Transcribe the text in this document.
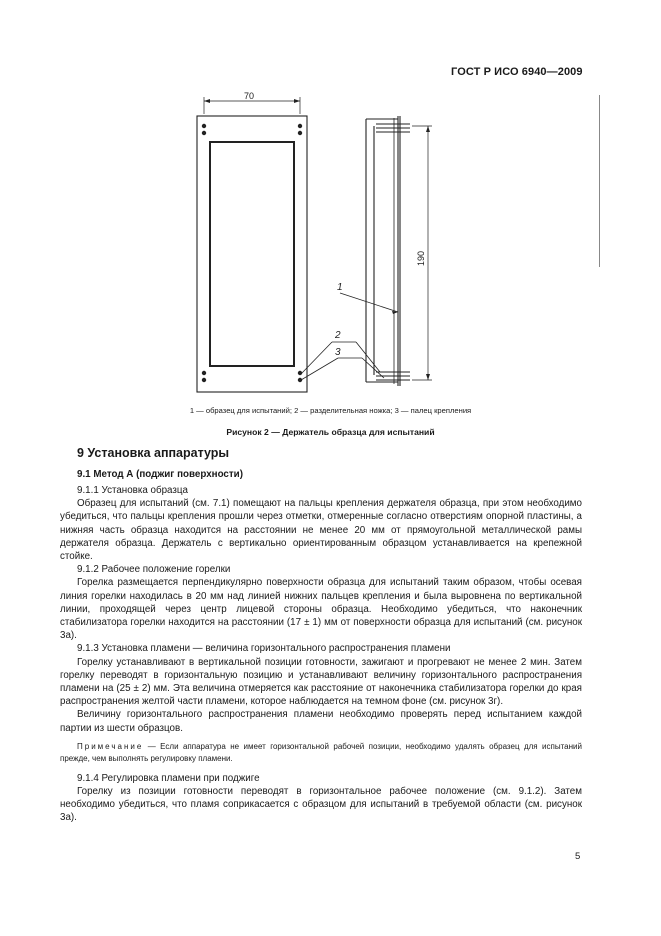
ГОСТ Р ИСО 6940—2009
70
190
1
2
3
1 — образец для испытаний; 2 — разделительная ножка; 3 — палец крепления
Рисунок 2 — Держатель образца для испытаний
9 Установка аппаратуры
9.1 Метод А (поджиг поверхности)

9.1.1 Установка образца

Образец для испытаний (см. 7.1) помещают на пальцы крепления держателя образца, при этом необходимо убедиться, что пальцы крепления прошли через отметки, отмеренные согласно отверстиям опорной пластины, а нижняя часть образца находится на расстоянии не менее 20 мм от прямоугольной металлической рамы держателя образца. Держатель с вертикально ориентированным образцом устанавливается на крепежной стойке.

9.1.2 Рабочее положение горелки

Горелка размещается перпендикулярно поверхности образца для испытаний таким образом, чтобы осевая линия горелки находилась в 20 мм над линией нижних пальцев крепления и была выровнена по вертикальной линии, проходящей через центр лицевой стороны образца. Необходимо убедиться, что наконечник стабилизатора горелки находится на расстоянии (17 ± 1) мм от поверхности образца для испытаний (см. рисунок 3а).

9.1.3 Установка пламени — величина горизонтального распространения пламени

Горелку устанавливают в вертикальной позиции готовности, зажигают и прогревают не менее 2 мин. Затем горелку переводят в горизонтальную позицию и устанавливают величину горизонтального распространения пламени на (25 ± 2) мм. Эта величина отмеряется как расстояние от наконечника стабилизатора горелки до края распространения желтой части пламени, которое наблюдается на темном фоне (см. рисунок 3г).

Величину горизонтального распространения пламени необходимо проверять перед испытанием каждой партии из шести образцов.

Примечание — Если аппаратура не имеет горизонтальной рабочей позиции, необходимо удалять образец для испытаний прежде, чем выполнять регулировку пламени.

9.1.4 Регулировка пламени при поджиге

Горелку из позиции готовности переводят в горизонтальное рабочее положение (см. 9.1.2). Затем необходимо убедиться, что пламя соприкасается с образцом для испытаний в требуемой области (см. рисунок 3а).

5
